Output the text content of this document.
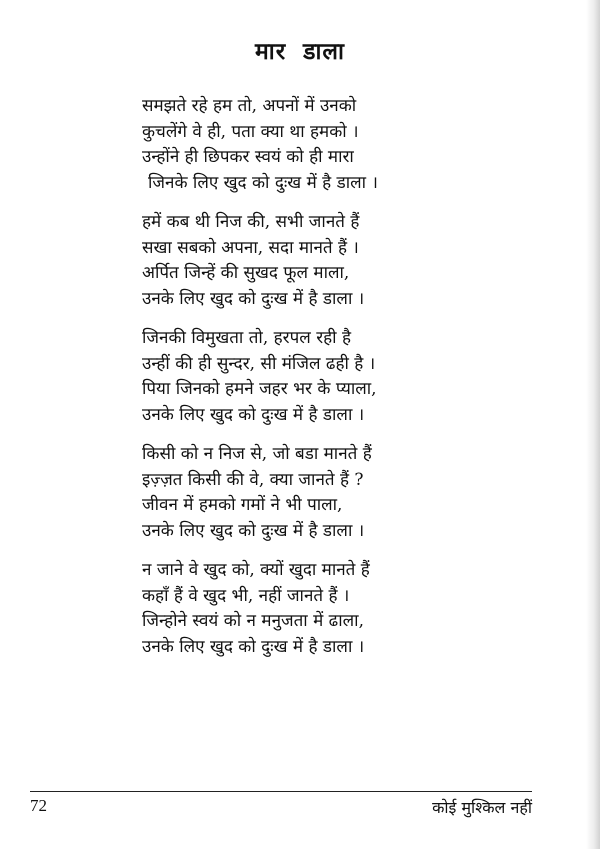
मार डाला
समझते रहे हम तो, अपनों में उनको
कुचलेंगे वे ही, पता क्या था हमको ।
उन्होंने ही छिपकर स्वयं को ही मारा
जिनके लिए खुद को दुःख में है डाला ।
हमें कब थी निज की, सभी जानते हैं
सखा सबको अपना, सदा मानते हैं ।
अर्पित जिन्हें की सुखद फूल माला,
उनके लिए खुद को दुःख में है डाला ।
जिनकी विमुखता तो, हरपल रही है
उन्हीं की ही सुन्दर, सी मंजिल ढही है ।
पिया जिनको हमने जहर भर के प्याला,
उनके लिए खुद को दुःख में है डाला ।
किसी को न निज से, जो बडा मानते हैं
इज़्ज़त किसी की वे, क्या जानते हैं ?
जीवन में हमको गमों ने भी पाला,
उनके लिए खुद को दुःख में है डाला ।
न जाने वे खुद को, क्यों खुदा मानते हैं
कहाँ हैं वे खुद भी, नहीं जानते हैं ।
जिन्होने स्वयं को न मनुजता में ढाला,
उनके लिए खुद को दुःख में है डाला ।
72	कोई मुश्किल नहीं
